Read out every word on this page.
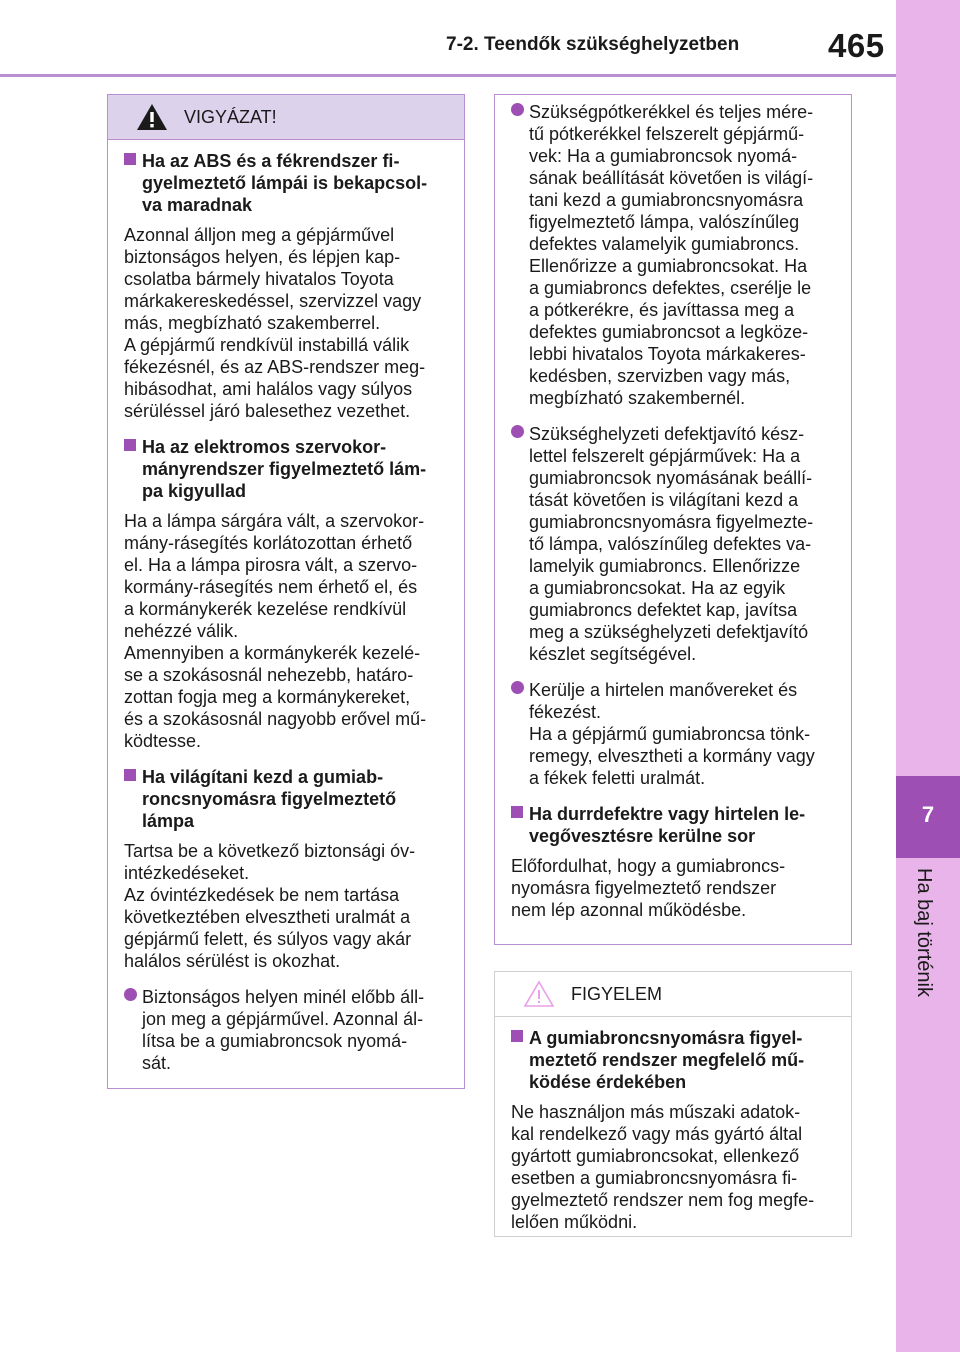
7-2. Teendők szükséghelyzetben	465
7
Ha baj történik
VIGYÁZAT!
Ha az ABS és a fékrendszer fi-
gyelmeztető lámpái is bekapcsol-
va maradnak
Azonnal álljon meg a gépjárművel
biztonságos helyen, és lépjen kap-
csolatba bármely hivatalos Toyota
márkakereskedéssel, szervizzel vagy
más, megbízható szakemberrel.
A gépjármű rendkívül instabillá válik
fékezésnél, és az ABS-rendszer meg-
hibásodhat, ami halálos vagy súlyos
sérüléssel járó balesethez vezethet.
Ha az elektromos szervokor-
mányrendszer figyelmeztető lám-
pa kigyullad
Ha a lámpa sárgára vált, a szervokor-
mány-rásegítés korlátozottan érhető
el. Ha a lámpa pirosra vált, a szervo-
kormány-rásegítés nem érhető el, és
a kormánykerék kezelése rendkívül
nehézzé válik.
Amennyiben a kormánykerék kezelé-
se a szokásosnál nehezebb, határo-
zottan fogja meg a kormánykereket,
és a szokásosnál nagyobb erővel mű-
ködtesse.
Ha világítani kezd a gumiab-
roncsnyomásra figyelmeztető
lámpa
Tartsa be a következő biztonsági óv-
intézkedéseket.
Az óvintézkedések be nem tartása
következtében elvesztheti uralmát a
gépjármű felett, és súlyos vagy akár
halálos sérülést is okozhat.
Biztonságos helyen minél előbb áll-
jon meg a gépjárművel. Azonnal ál-
lítsa be a gumiabroncsok nyomá-
sát.
Szükségpótkerékkel és teljes mére-
tű pótkerékkel felszerelt gépjármű-
vek: Ha a gumiabroncsok nyomá-
sának beállítását követően is világí-
tani kezd a gumiabroncsnyomásra
figyelmeztető lámpa, valószínűleg
defektes valamelyik gumiabroncs.
Ellenőrizze a gumiabroncsokat. Ha
a gumiabroncs defektes, cserélje le
a pótkerékre, és javíttassa meg a
defektes gumiabroncsot a legköze-
lebbi hivatalos Toyota márkakeres-
kedésben, szervizben vagy más,
megbízható szakembernél.
Szükséghelyzeti defektjavító kész-
lettel felszerelt gépjárművek: Ha a
gumiabroncsok nyomásának beállí-
tását követően is világítani kezd a
gumiabroncsnyomásra figyelmezte-
tő lámpa, valószínűleg defektes va-
lamelyik gumiabroncs. Ellenőrizze
a gumiabroncsokat. Ha az egyik
gumiabroncs defektet kap, javítsa
meg a szükséghelyzeti defektjavító
készlet segítségével.
Kerülje a hirtelen manővereket és
fékezést.
Ha a gépjármű gumiabroncsa tönk-
remegy, elvesztheti a kormány vagy
a fékek feletti uralmát.
Ha durrdefektre vagy hirtelen le-
vegővesztésre kerülne sor
Előfordulhat, hogy a gumiabroncs-
nyomásra figyelmeztető rendszer
nem lép azonnal működésbe.
FIGYELEM
A gumiabroncsnyomásra figyel-
meztető rendszer megfelelő mű-
ködése érdekében
Ne használjon más műszaki adatok-
kal rendelkező vagy más gyártó által
gyártott gumiabroncsokat, ellenkező
esetben a gumiabroncsnyomásra fi-
gyelmeztető rendszer nem fog megfe-
lelően működni.
